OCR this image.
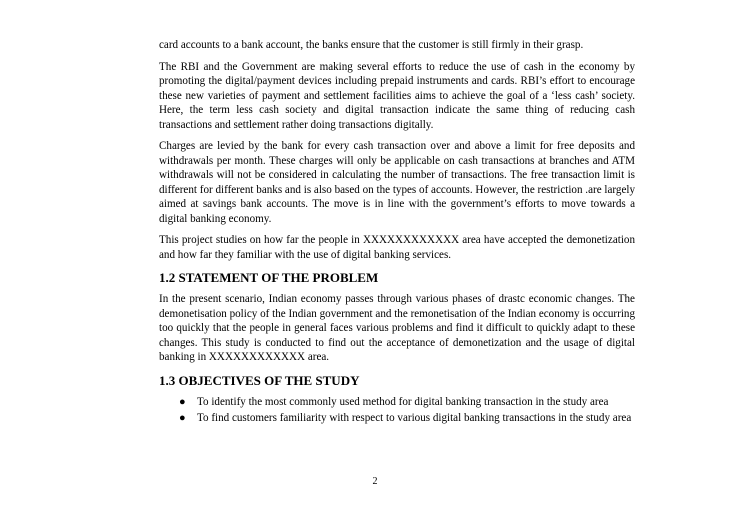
card accounts to a bank account, the banks ensure that the customer is still firmly in their grasp.

The RBI and the Government are making several efforts to reduce the use of cash in the economy by promoting the digital/payment devices including prepaid instruments and cards. RBI’s effort to encourage these new varieties of payment and settlement facilities aims to achieve the goal of a ‘less cash’ society. Here, the term less cash society and digital transaction indicate the same thing of reducing cash transactions and settlement rather doing transactions digitally.

Charges are levied by the bank for every cash transaction over and above a limit for free deposits and withdrawals per month. These charges will only be applicable on cash transactions at branches and ATM withdrawals will not be considered in calculating the number of transactions. The free transaction limit is different for different banks and is also based on the types of accounts. However, the restriction .are largely aimed at savings bank accounts. The move is in line with the government’s efforts to move towards a digital banking economy.

This project studies on how far the people in XXXXXXXXXXXX area have accepted the demonetization and how far they familiar with the use of digital banking services.

1.2 STATEMENT OF THE PROBLEM

In the present scenario, Indian economy passes through various phases of drastc economic changes. The demonetisation policy of the Indian government and the remonetisation of the Indian economy is occurring too quickly that the people in general faces various problems and find it difficult to quickly adapt to these changes. This study is conducted to find out the acceptance of demonetization and the usage of digital banking in XXXXXXXXXXXX area.

1.3 OBJECTIVES OF THE STUDY
● To identify the most commonly used method for digital banking transaction in the study area
● To find customers familiarity with respect to various digital banking transactions in the study area
2
